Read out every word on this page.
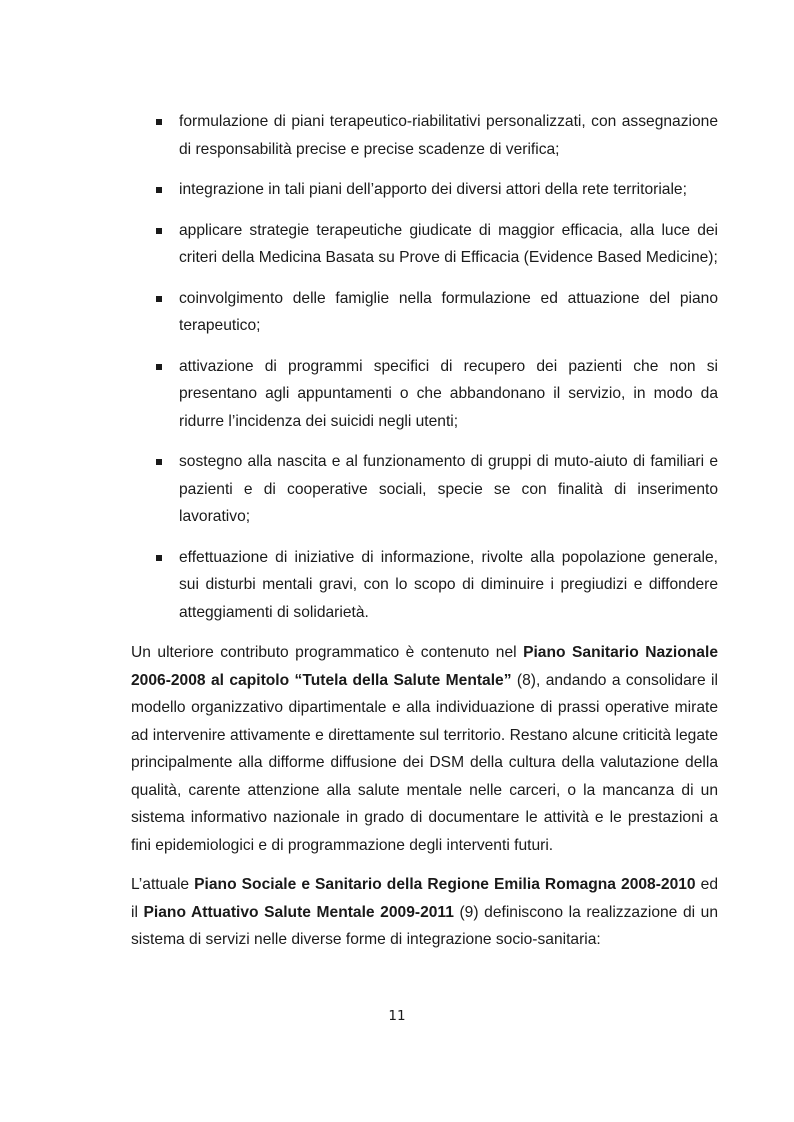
formulazione di piani terapeutico-riabilitativi personalizzati, con assegnazione di responsabilità precise e precise scadenze di verifica;
integrazione in tali piani dell’apporto dei diversi attori della rete territoriale;
applicare strategie terapeutiche giudicate di maggior efficacia, alla luce dei criteri della Medicina Basata su Prove di Efficacia (Evidence Based Medicine);
coinvolgimento delle famiglie nella formulazione ed attuazione del piano terapeutico;
attivazione di programmi specifici di recupero dei pazienti che non si presentano agli appuntamenti o che abbandonano il servizio, in modo da ridurre l’incidenza dei suicidi negli utenti;
sostegno alla nascita e al funzionamento di gruppi di muto-aiuto di familiari e pazienti e di cooperative sociali, specie se con finalità di inserimento lavorativo;
effettuazione di iniziative di informazione, rivolte alla popolazione generale, sui disturbi mentali gravi, con lo scopo di diminuire i pregiudizi e diffondere atteggiamenti di solidarietà.

Un ulteriore contributo programmatico è contenuto nel Piano Sanitario Nazionale 2006-2008 al capitolo “Tutela della Salute Mentale” (8), andando a consolidare il modello organizzativo dipartimentale e alla individuazione di prassi operative mirate ad intervenire attivamente e direttamente sul territorio. Restano alcune criticità legate principalmente alla difforme diffusione dei DSM della cultura della valutazione della qualità, carente attenzione alla salute mentale nelle carceri, o la mancanza di un sistema informativo nazionale in grado di documentare le attività e le prestazioni a fini epidemiologici e di programmazione degli interventi futuri.

L’attuale Piano Sociale e Sanitario della Regione Emilia Romagna 2008-2010 ed il Piano Attuativo Salute Mentale 2009-2011 (9) definiscono la realizzazione di un sistema di servizi nelle diverse forme di integrazione socio-sanitaria:

11
